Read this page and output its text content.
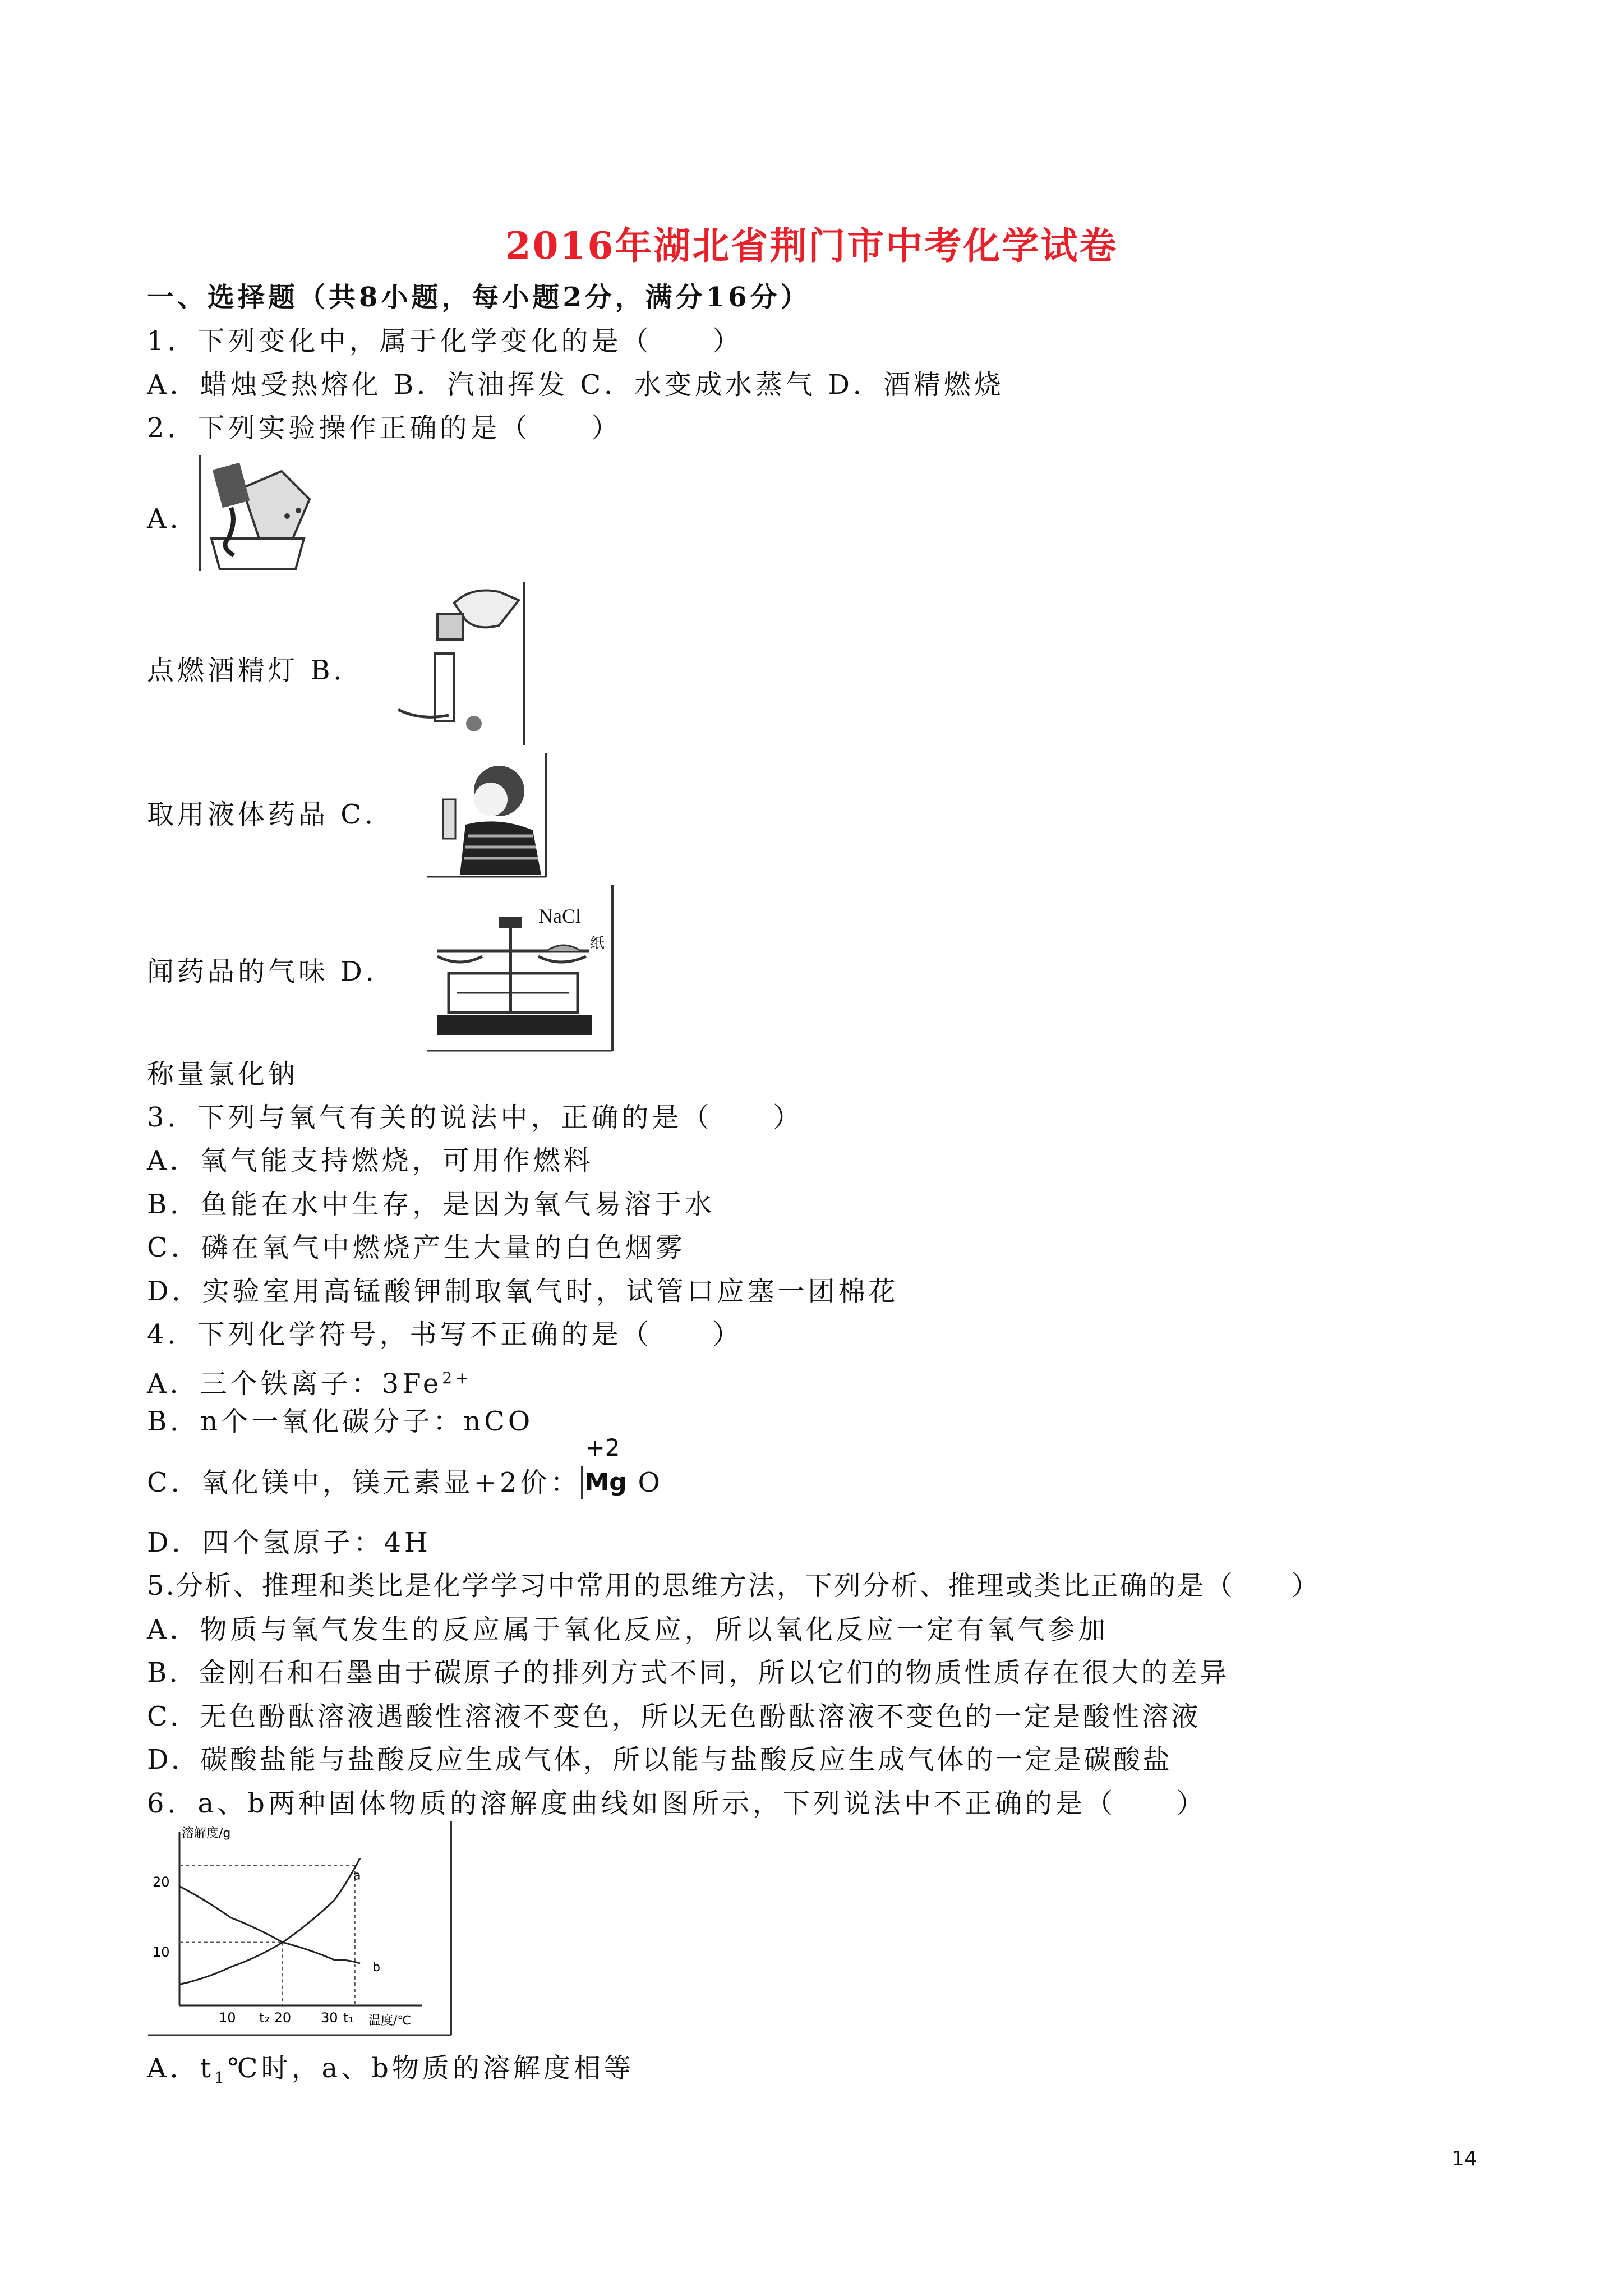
2016年湖北省荆门市中考化学试卷
一、选择题（共8小题，每小题2分，满分16分）
1．下列变化中，属于化学变化的是（　　）
A．蜡烛受热熔化 B．汽油挥发 C．水变成水蒸气 D．酒精燃烧
2．下列实验操作正确的是（　　）
A．
点燃酒精灯 B．
取用液体药品 C．
闻药品的气味 D．
NaCl
纸
称量氯化钠
3．下列与氧气有关的说法中，正确的是（　　）
A．氧气能支持燃烧，可用作燃料
B．鱼能在水中生存，是因为氧气易溶于水
C．磷在氧气中燃烧产生大量的白色烟雾
D．实验室用高锰酸钾制取氧气时，试管口应塞一团棉花
4．下列化学符号，书写不正确的是（　　）
A．三个铁离子：$3Fe^{2+}$
B．n个一氧化碳分子：nCO
C．氧化镁中，镁元素显+2价：
+2
Mg O
D．四个氢原子：4H
5.分析、推理和类比是化学学习中常用的思维方法，下列分析、推理或类比正确的是（　　）
A．物质与氧气发生的反应属于氧化反应，所以氧化反应一定有氧气参加
B．金刚石和石墨由于碳原子的排列方式不同，所以它们的物质性质存在很大的差异
C．无色酚酞溶液遇酸性溶液不变色，所以无色酚酞溶液不变色的一定是酸性溶液
D．碳酸盐能与盐酸反应生成气体，所以能与盐酸反应生成气体的一定是碳酸盐
6．a、b两种固体物质的溶解度曲线如图所示，下列说法中不正确的是（　　）
溶解度/g
温度/℃
20
10
10 t₂ 20 30 t₁
a
b
A．$t_1℃$时，a、b物质的溶解度相等
14
